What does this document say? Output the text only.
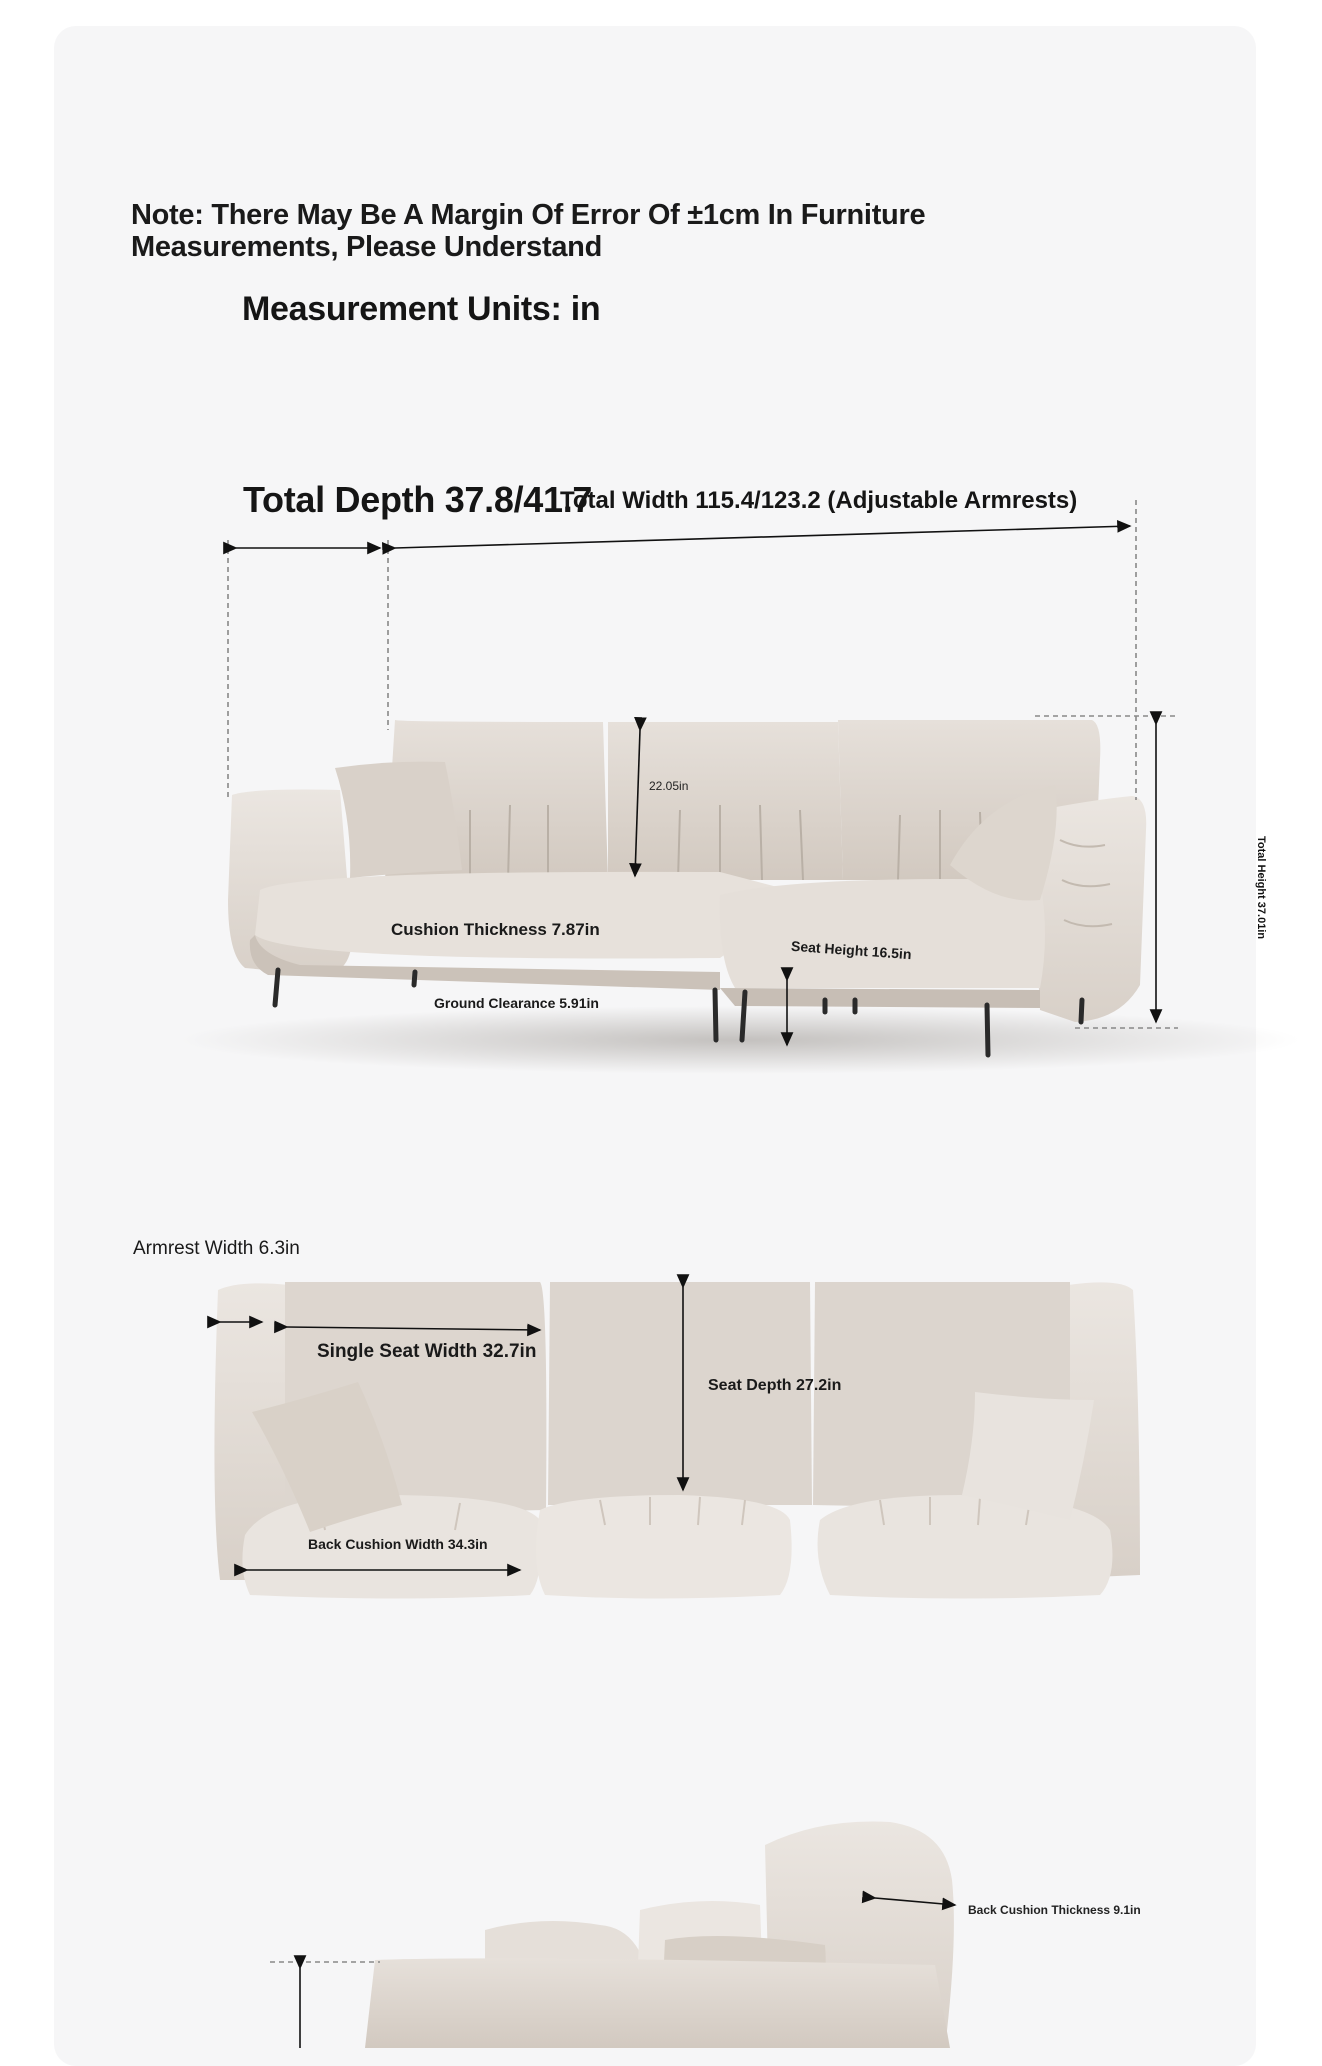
Note: There May Be A Margin Of Error Of ±1cm In Furniture Measurements, Please Understand
Measurement Units: in
Total Depth 37.8/41.7
Total Width 115.4/123.2 (Adjustable Armrests)
22.05in
Cushion Thickness 7.87in
Seat Height 16.5in
Ground Clearance 5.91in
Total Height 37.01in
Armrest Width 6.3in
Single Seat Width 32.7in
Seat Depth 27.2in
Back Cushion Width 34.3in
Back Cushion Thickness 9.1in
